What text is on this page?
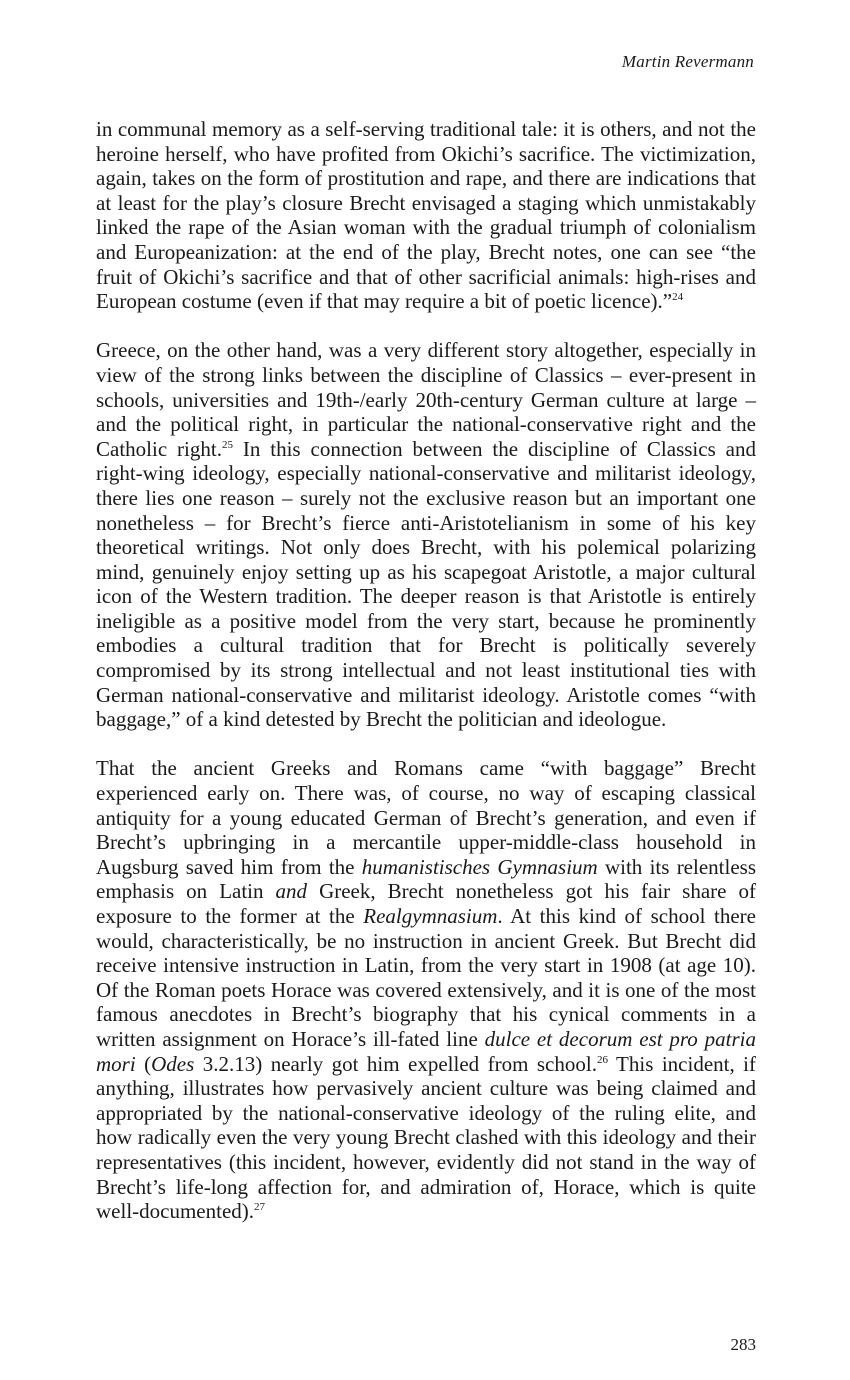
Martin Revermann

in communal memory as a self-serving traditional tale: it is others, and not the heroine herself, who have profited from Okichi’s sacrifice. The victimization, again, takes on the form of prostitution and rape, and there are indications that at least for the play’s closure Brecht envisaged a staging which unmistakably linked the rape of the Asian woman with the gradual triumph of colonialism and Europeanization: at the end of the play, Brecht notes, one can see “the fruit of Okichi’s sacrifice and that of other sacrificial animals: high-rises and European costume (even if that may require a bit of poetic licence).”$^{24}$

Greece, on the other hand, was a very different story altogether, especially in view of the strong links between the discipline of Classics – ever-present in schools, universities and 19th-/early 20th-century German culture at large – and the political right, in particular the national-conservative right and the Catholic right.$^{25}$ In this connection between the discipline of Classics and right-wing ideology, especially national-conservative and militarist ideology, there lies one reason – surely not the exclusive reason but an important one nonetheless – for Brecht’s fierce anti-Aristotelianism in some of his key theoretical writings. Not only does Brecht, with his polemical polarizing mind, genuinely enjoy setting up as his scapegoat Aristotle, a major cultural icon of the Western tradition. The deeper reason is that Aristotle is entirely ineligible as a positive model from the very start, because he prominently embodies a cultural tradition that for Brecht is politically severely compromised by its strong intellectual and not least institutional ties with German national-conservative and militarist ideology. Aristotle comes “with baggage,” of a kind detested by Brecht the politician and ideologue.

That the ancient Greeks and Romans came “with baggage” Brecht experienced early on. There was, of course, no way of escaping classical antiquity for a young educated German of Brecht’s generation, and even if Brecht’s upbringing in a mercantile upper-middle-class household in Augsburg saved him from the humanistisches Gymnasium with its relentless emphasis on Latin and Greek, Brecht nonetheless got his fair share of exposure to the former at the Realgymnasium. At this kind of school there would, characteristically, be no instruction in ancient Greek. But Brecht did receive intensive instruction in Latin, from the very start in 1908 (at age 10). Of the Roman poets Horace was covered extensively, and it is one of the most famous anecdotes in Brecht’s biography that his cynical comments in a written assignment on Horace’s ill-fated line dulce et decorum est pro patria mori (Odes 3.2.13) nearly got him expelled from school.$^{26}$ This incident, if anything, illustrates how pervasively ancient culture was being claimed and appropriated by the national-conservative ideology of the ruling elite, and how radically even the very young Brecht clashed with this ideology and their representatives (this incident, however, evidently did not stand in the way of Brecht’s life-long affection for, and admiration of, Horace, which is quite well-documented).$^{27}$

283
